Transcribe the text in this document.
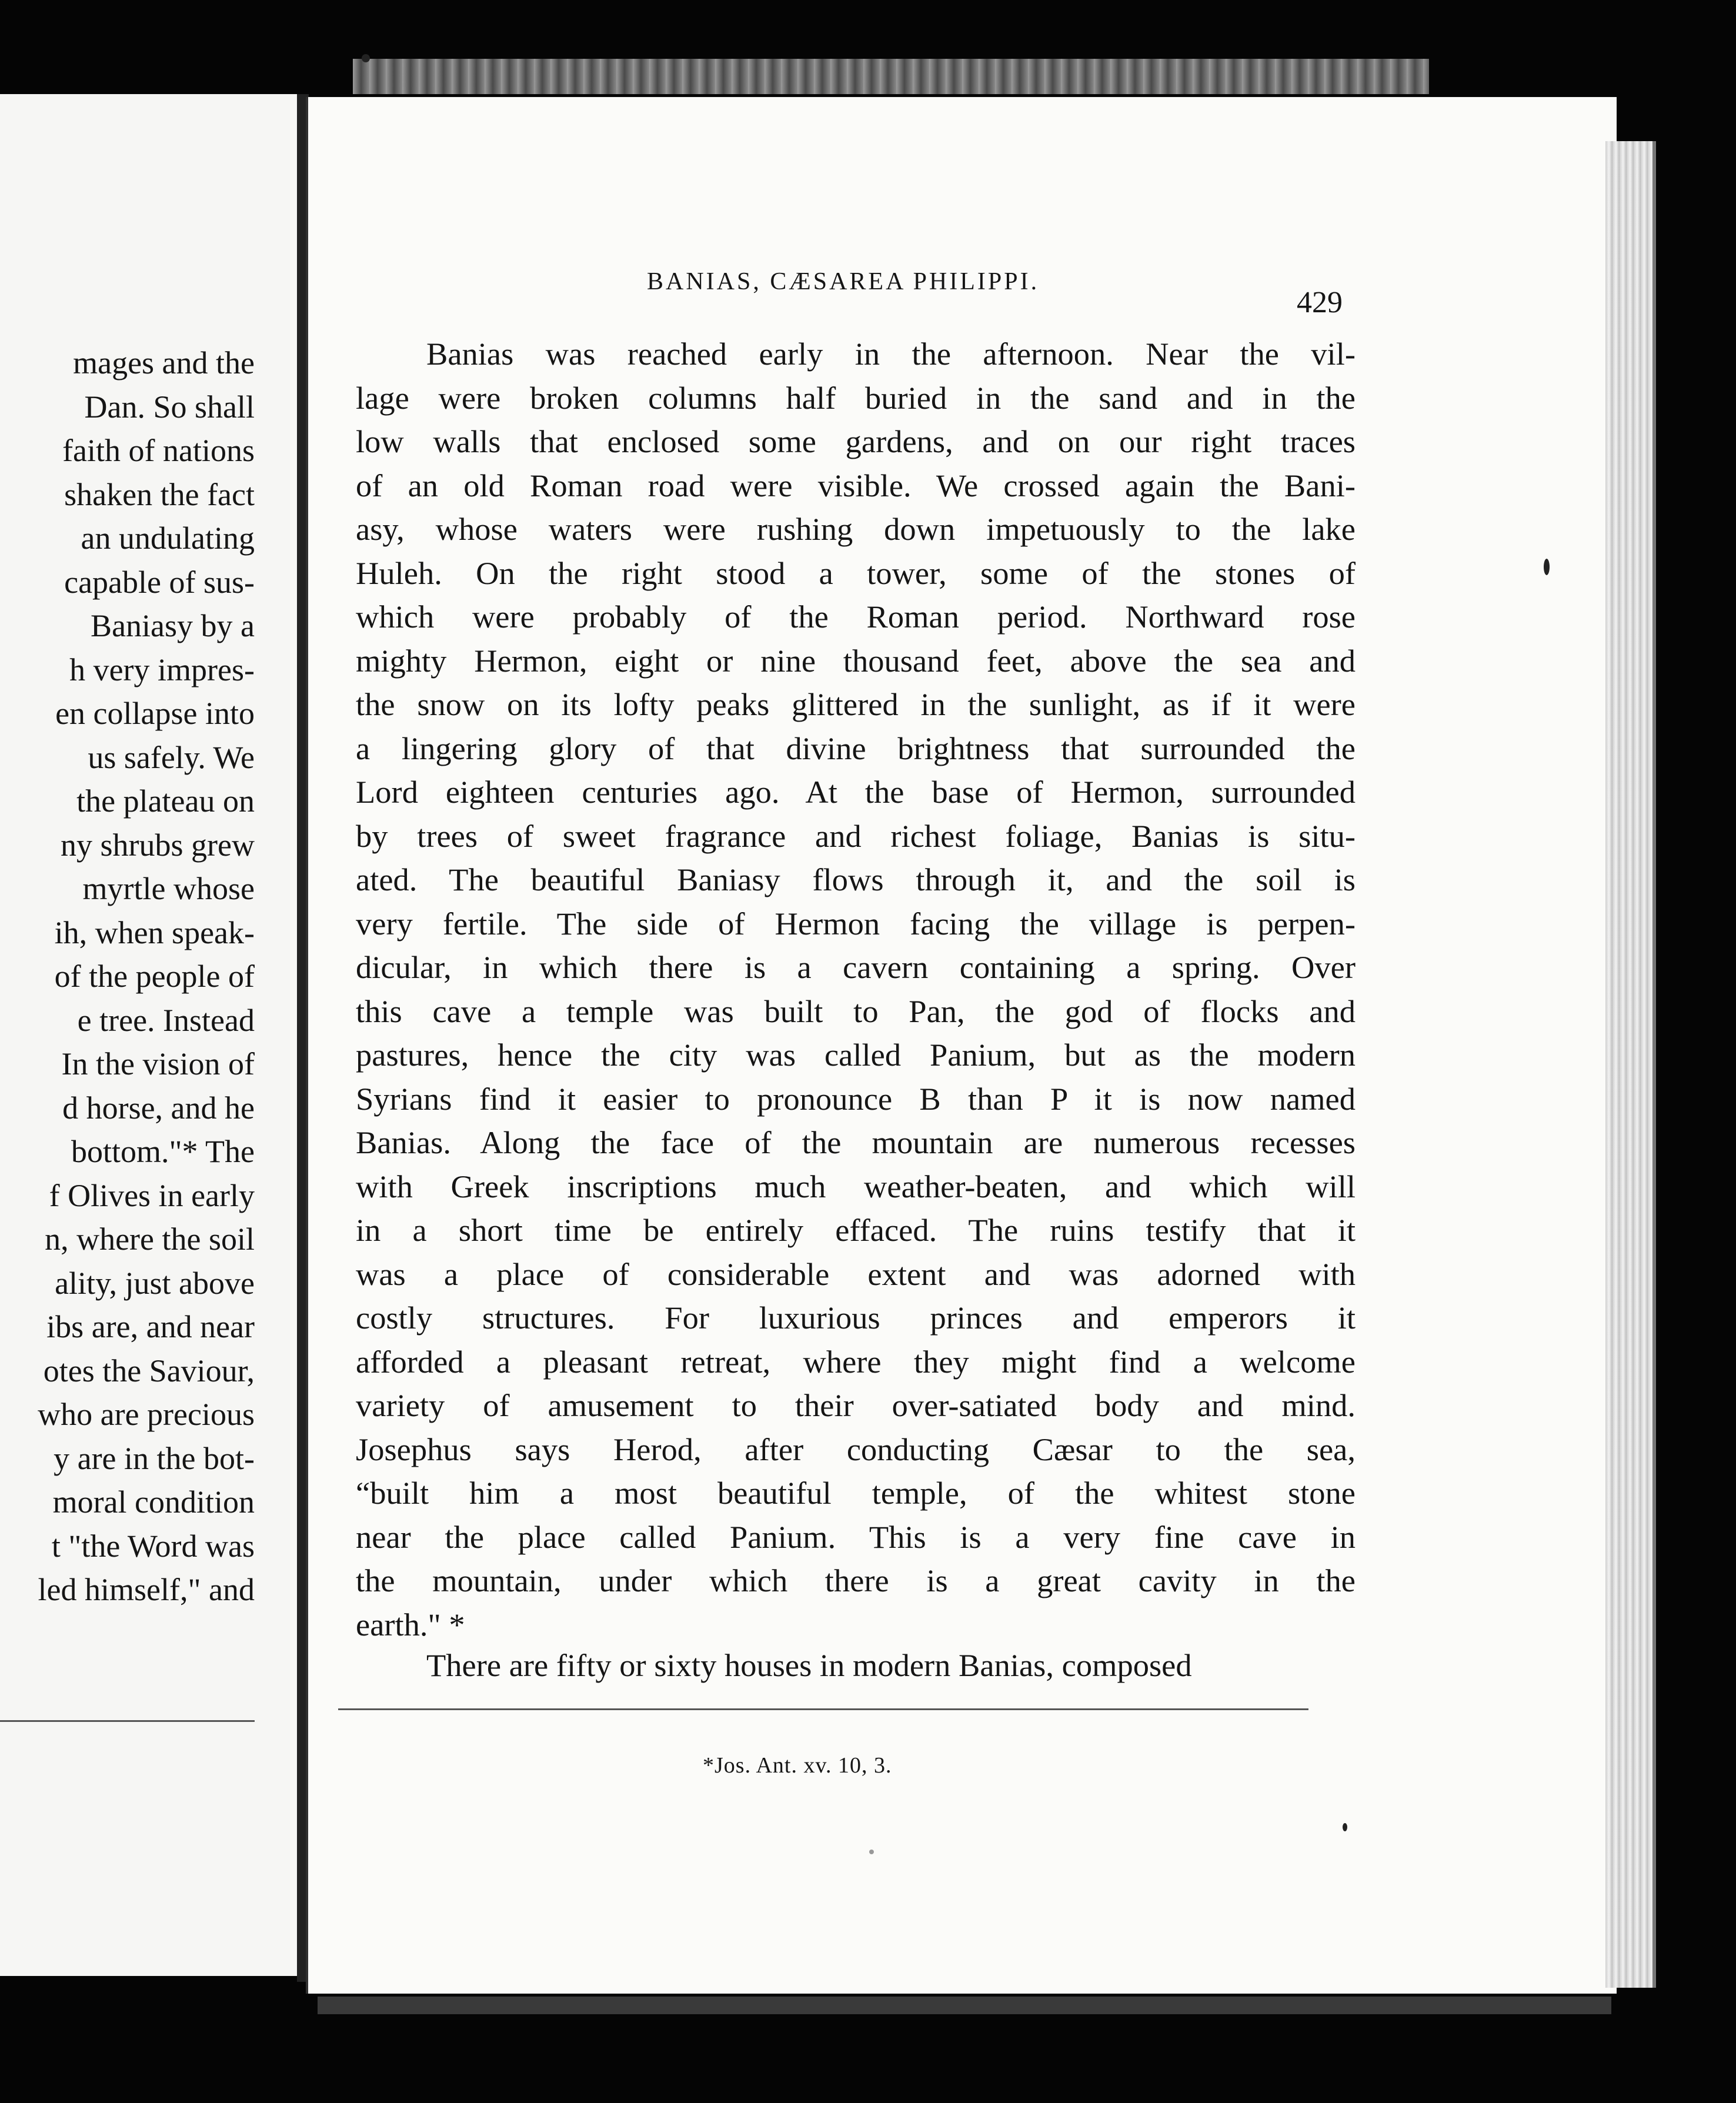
mages and the
Dan. So shall
faith of nations
shaken the fact
an undulating
capable of sus-
Baniasy by a
h very impres-
en collapse into
us safely. We
the plateau on
ny shrubs grew
myrtle whose
ih, when speak-
of the people of
e tree. Instead
In the vision of
d horse, and he
bottom."* The
f Olives in early
n, where the soil
ality, just above
ibs are, and near
otes the Saviour,
who are precious
y are in the bot-
moral condition
t "the Word was
led himself," and
BANIAS, CÆSAREA PHILIPPI.
429
Banias was reached early in the afternoon. Near the vil-
lage were broken columns half buried in the sand and in the
low walls that enclosed some gardens, and on our right traces
of an old Roman road were visible. We crossed again the Bani-
asy, whose waters were rushing down impetuously to the lake
Huleh. On the right stood a tower, some of the stones of
which were probably of the Roman period. Northward rose
mighty Hermon, eight or nine thousand feet, above the sea and
the snow on its lofty peaks glittered in the sunlight, as if it were
a lingering glory of that divine brightness that surrounded the
Lord eighteen centuries ago. At the base of Hermon, surrounded
by trees of sweet fragrance and richest foliage, Banias is situ-
ated. The beautiful Baniasy flows through it, and the soil is
very fertile. The side of Hermon facing the village is perpen-
dicular, in which there is a cavern containing a spring. Over
this cave a temple was built to Pan, the god of flocks and
pastures, hence the city was called Panium, but as the modern
Syrians find it easier to pronounce B than P it is now named
Banias. Along the face of the mountain are numerous recesses
with Greek inscriptions much weather-beaten, and which will
in a short time be entirely effaced. The ruins testify that it
was a place of considerable extent and was adorned with
costly structures. For luxurious princes and emperors it
afforded a pleasant retreat, where they might find a welcome
variety of amusement to their over-satiated body and mind.
Josephus says Herod, after conducting Cæsar to the sea,
“built him a most beautiful temple, of the whitest stone
near the place called Panium. This is a very fine cave in
the mountain, under which there is a great cavity in the
earth." *
There are fifty or sixty houses in modern Banias, composed
*Jos. Ant. xv. 10, 3.
